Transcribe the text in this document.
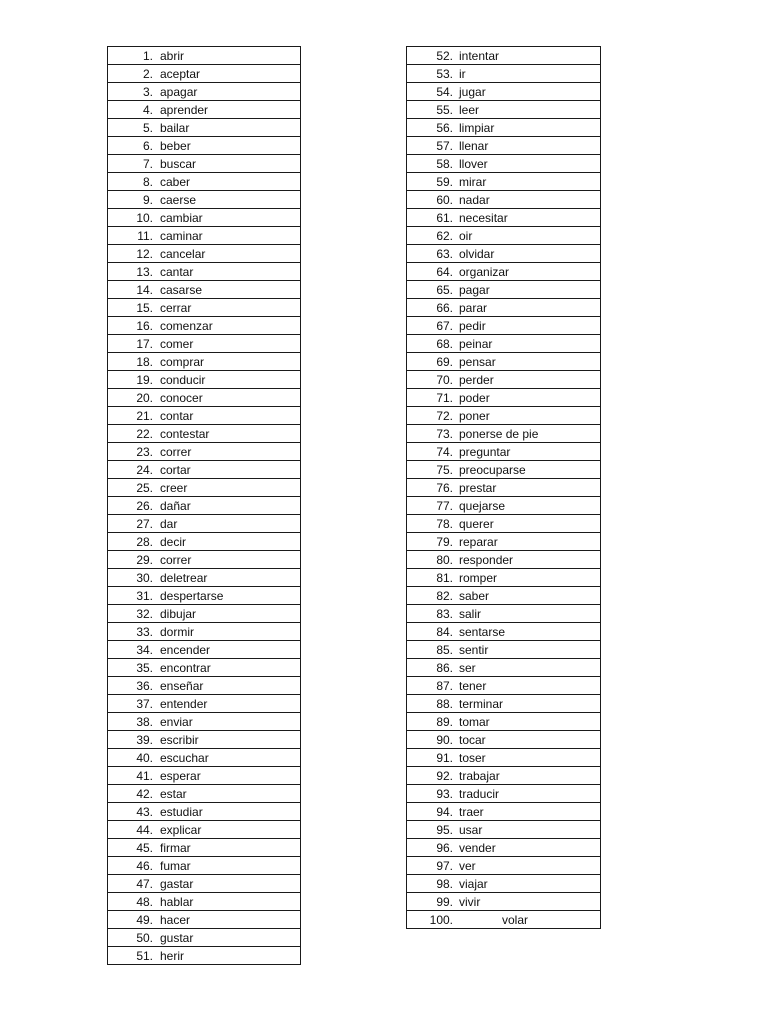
1. abrir
2. aceptar
3. apagar
4. aprender
5. bailar
6. beber
7. buscar
8. caber
9. caerse
10. cambiar
11. caminar
12. cancelar
13. cantar
14. casarse
15. cerrar
16. comenzar
17. comer
18. comprar
19. conducir
20. conocer
21. contar
22. contestar
23. correr
24. cortar
25. creer
26. dañar
27. dar
28. decir
29. correr
30. deletrear
31. despertarse
32. dibujar
33. dormir
34. encender
35. encontrar
36. enseñar
37. entender
38. enviar
39. escribir
40. escuchar
41. esperar
42. estar
43. estudiar
44. explicar
45. firmar
46. fumar
47. gastar
48. hablar
49. hacer
50. gustar
51. herir
52. intentar
53. ir
54. jugar
55. leer
56. limpiar
57. llenar
58. llover
59. mirar
60. nadar
61. necesitar
62. oir
63. olvidar
64. organizar
65. pagar
66. parar
67. pedir
68. peinar
69. pensar
70. perder
71. poder
72. poner
73. ponerse de pie
74. preguntar
75. preocuparse
76. prestar
77. quejarse
78. querer
79. reparar
80. responder
81. romper
82. saber
83. salir
84. sentarse
85. sentir
86. ser
87. tener
88. terminar
89. tomar
90. tocar
91. toser
92. trabajar
93. traducir
94. traer
95. usar
96. vender
97. ver
98. viajar
99. vivir
100.	volar
